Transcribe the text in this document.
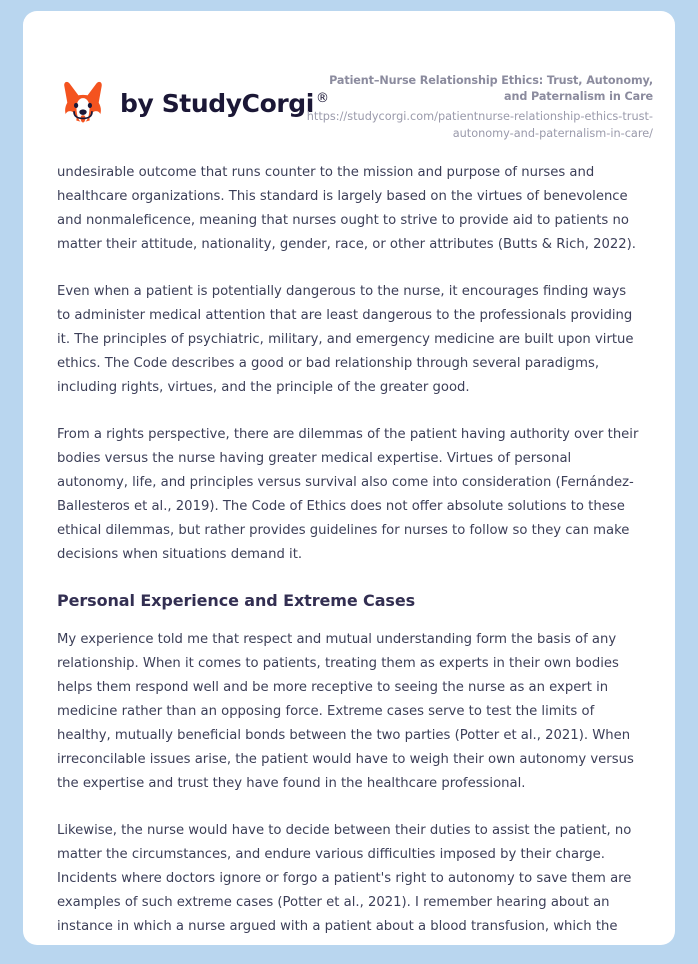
by StudyCorgi ®
Patient–Nurse Relationship Ethics: Trust, Autonomy, and Paternalism in Care
https://studycorgi.com/patientnurse-relationship-ethics-trust-autonomy-and-paternalism-in-care/

undesirable outcome that runs counter to the mission and purpose of nurses and healthcare organizations. This standard is largely based on the virtues of benevolence and nonmaleficence, meaning that nurses ought to strive to provide aid to patients no matter their attitude, nationality, gender, race, or other attributes (Butts & Rich, 2022).

Even when a patient is potentially dangerous to the nurse, it encourages finding ways to administer medical attention that are least dangerous to the professionals providing it. The principles of psychiatric, military, and emergency medicine are built upon virtue ethics. The Code describes a good or bad relationship through several paradigms, including rights, virtues, and the principle of the greater good.

From a rights perspective, there are dilemmas of the patient having authority over their bodies versus the nurse having greater medical expertise. Virtues of personal autonomy, life, and principles versus survival also come into consideration (Fernández-Ballesteros et al., 2019). The Code of Ethics does not offer absolute solutions to these ethical dilemmas, but rather provides guidelines for nurses to follow so they can make decisions when situations demand it.

Personal Experience and Extreme Cases

My experience told me that respect and mutual understanding form the basis of any relationship. When it comes to patients, treating them as experts in their own bodies helps them respond well and be more receptive to seeing the nurse as an expert in medicine rather than an opposing force. Extreme cases serve to test the limits of healthy, mutually beneficial bonds between the two parties (Potter et al., 2021). When irreconcilable issues arise, the patient would have to weigh their own autonomy versus the expertise and trust they have found in the healthcare professional.

Likewise, the nurse would have to decide between their duties to assist the patient, no matter the circumstances, and endure various difficulties imposed by their charge. Incidents where doctors ignore or forgo a patient's right to autonomy to save them are examples of such extreme cases (Potter et al., 2021). I remember hearing about an instance in which a nurse argued with a patient about a blood transfusion, which the
